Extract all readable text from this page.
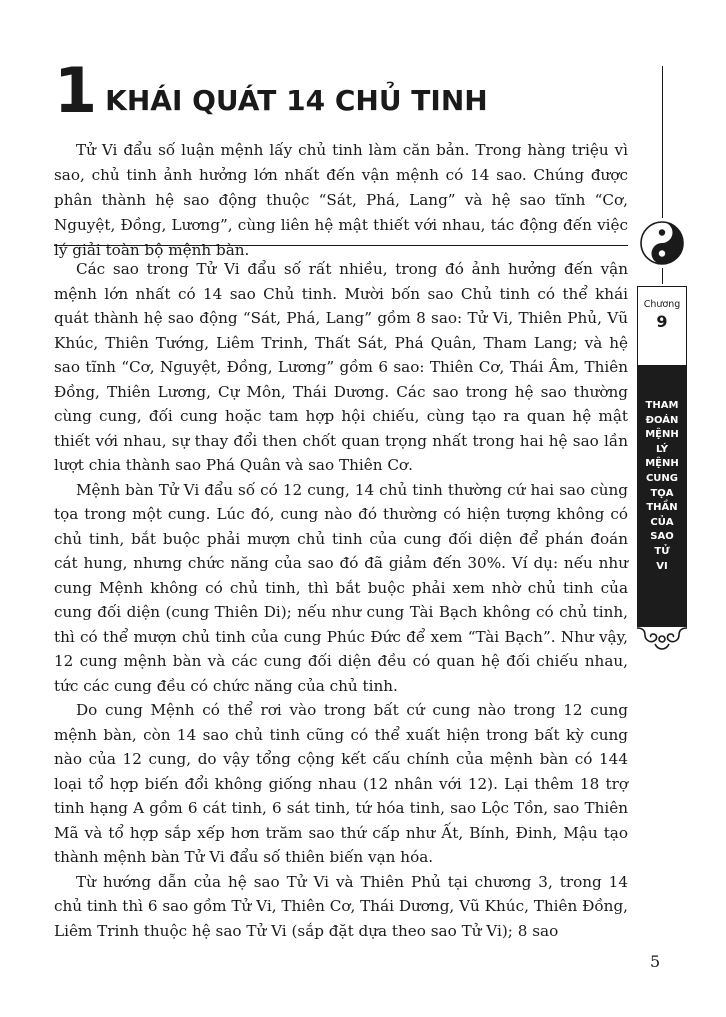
1 KHÁI QUÁT 14 CHỦ TINH

Tử Vi đẩu số luận mệnh lấy chủ tinh làm căn bản. Trong hàng triệu vì sao, chủ tinh ảnh hưởng lớn nhất đến vận mệnh có 14 sao. Chúng được phân thành hệ sao động thuộc “Sát, Phá, Lang” và hệ sao tĩnh “Cơ, Nguyệt, Đồng, Lương”, cùng liên hệ mật thiết với nhau, tác động đến việc lý giải toàn bộ mệnh bàn.

Các sao trong Tử Vi đẩu số rất nhiều, trong đó ảnh hưởng đến vận mệnh lớn nhất có 14 sao Chủ tinh. Mười bốn sao Chủ tinh có thể khái quát thành hệ sao động “Sát, Phá, Lang” gồm 8 sao: Tử Vi, Thiên Phủ, Vũ Khúc, Thiên Tướng, Liêm Trinh, Thất Sát, Phá Quân, Tham Lang; và hệ sao tĩnh “Cơ, Nguyệt, Đồng, Lương” gồm 6 sao: Thiên Cơ, Thái Âm, Thiên Đồng, Thiên Lương, Cự Môn, Thái Dương. Các sao trong hệ sao thường cùng cung, đối cung hoặc tam hợp hội chiếu, cùng tạo ra quan hệ mật thiết với nhau, sự thay đổi then chốt quan trọng nhất trong hai hệ sao lần lượt chia thành sao Phá Quân và sao Thiên Cơ.

Mệnh bàn Tử Vi đẩu số có 12 cung, 14 chủ tinh thường cứ hai sao cùng tọa trong một cung. Lúc đó, cung nào đó thường có hiện tượng không có chủ tinh, bắt buộc phải mượn chủ tinh của cung đối diện để phán đoán cát hung, nhưng chức năng của sao đó đã giảm đến 30%. Ví dụ: nếu như cung Mệnh không có chủ tinh, thì bắt buộc phải xem nhờ chủ tinh của cung đối diện (cung Thiên Di); nếu như cung Tài Bạch không có chủ tinh, thì có thể mượn chủ tinh của cung Phúc Đức để xem “Tài Bạch”. Như vậy, 12 cung mệnh bàn và các cung đối diện đều có quan hệ đối chiếu nhau, tức các cung đều có chức năng của chủ tinh.

Do cung Mệnh có thể rơi vào trong bất cứ cung nào trong 12 cung mệnh bàn, còn 14 sao chủ tinh cũng có thể xuất hiện trong bất kỳ cung nào của 12 cung, do vậy tổng cộng kết cấu chính của mệnh bàn có 144 loại tổ hợp biến đổi không giống nhau (12 nhân với 12). Lại thêm 18 trợ tinh hạng A gồm 6 cát tinh, 6 sát tinh, tứ hóa tinh, sao Lộc Tồn, sao Thiên Mã và tổ hợp sắp xếp hơn trăm sao thứ cấp như Ất, Bính, Đinh, Mậu tạo thành mệnh bàn Tử Vi đẩu số thiên biến vạn hóa.

Từ hướng dẫn của hệ sao Tử Vi và Thiên Phủ tại chương 3, trong 14 chủ tinh thì 6 sao gồm Tử Vi, Thiên Cơ, Thái Dương, Vũ Khúc, Thiên Đồng, Liêm Trinh thuộc hệ sao Tử Vi (sắp đặt dựa theo sao Tử Vi); 8 sao

Chương
9
THAM
ĐOÁN
MỆNH
LÝ
MỆNH
CUNG
TỌA
THẦN
CỦA
SAO
TỬ
VI
5
